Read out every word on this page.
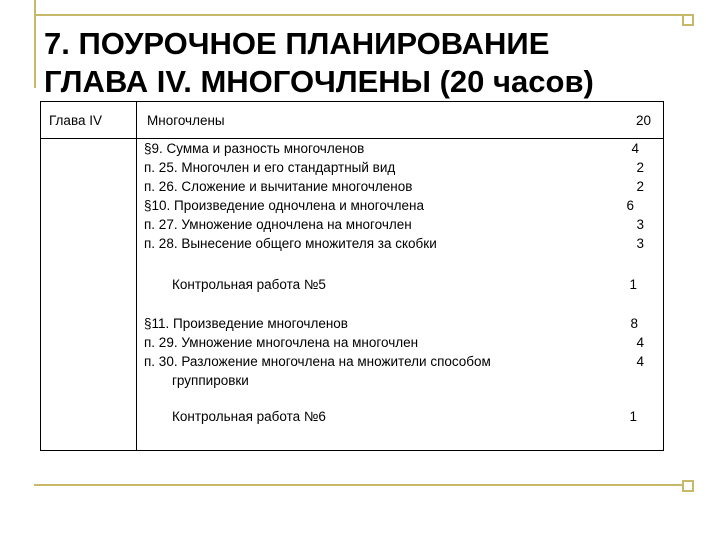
7. ПОУРОЧНОЕ ПЛАНИРОВАНИЕ
ГЛАВА IV. МНОГОЧЛЕНЫ (20 часов)
Глава IV	Многочлены	20
§9. Сумма и разность многочленов	4
п. 25. Многочлен и его стандартный вид	2
п. 26. Сложение и вычитание многочленов	2
§10. Произведение одночлена и многочлена	6
п. 27. Умножение одночлена на многочлен	3
п. 28. Вынесение общего множителя за скобки	3
Контрольная работа №5	1
§11. Произведение многочленов	8
п. 29. Умножение многочлена на многочлен	4
п. 30. Разложение многочлена на множители способом	4
группировки
Контрольная работа №6	1
